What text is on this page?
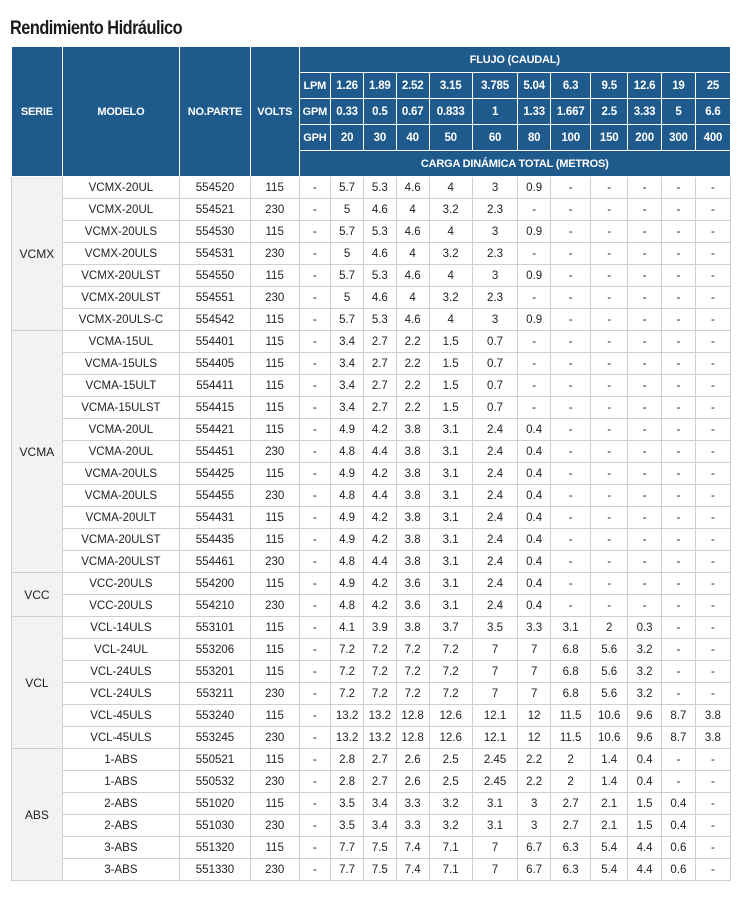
Rendimiento Hidráulico
SERIE	MODELO	NO.PARTE	VOLTS	FLUJO (CAUDAL)											
				LPM	1.26	1.89	2.52	3.15	3.785	5.04	6.3	9.5	12.6	19	25
				GPM	0.33	0.5	0.67	0.833	1	1.33	1.667	2.5	3.33	5	6.6
				GPH	20	30	40	50	60	80	100	150	200	300	400
				CARGA DINÁMICA TOTAL (METROS)											
VCMX	VCMX-20UL	554520	115	-	5.7	5.3	4.6	4	3	0.9	-	-	-	-	-
	VCMX-20UL	554521	230	-	5	4.6	4	3.2	2.3	-	-	-	-	-	-
	VCMX-20ULS	554530	115	-	5.7	5.3	4.6	4	3	0.9	-	-	-	-	-
	VCMX-20ULS	554531	230	-	5	4.6	4	3.2	2.3	-	-	-	-	-	-
	VCMX-20ULST	554550	115	-	5.7	5.3	4.6	4	3	0.9	-	-	-	-	-
	VCMX-20ULST	554551	230	-	5	4.6	4	3.2	2.3	-	-	-	-	-	-
	VCMX-20ULS-C	554542	115	-	5.7	5.3	4.6	4	3	0.9	-	-	-	-	-
VCMA	VCMA-15UL	554401	115	-	3.4	2.7	2.2	1.5	0.7	-	-	-	-	-	-
	VCMA-15ULS	554405	115	-	3.4	2.7	2.2	1.5	0.7	-	-	-	-	-	-
	VCMA-15ULT	554411	115	-	3.4	2.7	2.2	1.5	0.7	-	-	-	-	-	-
	VCMA-15ULST	554415	115	-	3.4	2.7	2.2	1.5	0.7	-	-	-	-	-	-
	VCMA-20UL	554421	115	-	4.9	4.2	3.8	3.1	2.4	0.4	-	-	-	-	-
	VCMA-20UL	554451	230	-	4.8	4.4	3.8	3.1	2.4	0.4	-	-	-	-	-
	VCMA-20ULS	554425	115	-	4.9	4.2	3.8	3.1	2.4	0.4	-	-	-	-	-
	VCMA-20ULS	554455	230	-	4.8	4.4	3.8	3.1	2.4	0.4	-	-	-	-	-
	VCMA-20ULT	554431	115	-	4.9	4.2	3.8	3.1	2.4	0.4	-	-	-	-	-
	VCMA-20ULST	554435	115	-	4.9	4.2	3.8	3.1	2.4	0.4	-	-	-	-	-
	VCMA-20ULST	554461	230	-	4.8	4.4	3.8	3.1	2.4	0.4	-	-	-	-	-
VCC	VCC-20ULS	554200	115	-	4.9	4.2	3.6	3.1	2.4	0.4	-	-	-	-	-
	VCC-20ULS	554210	230	-	4.8	4.2	3.6	3.1	2.4	0.4	-	-	-	-	-
VCL	VCL-14ULS	553101	115	-	4.1	3.9	3.8	3.7	3.5	3.3	3.1	2	0.3	-	-
	VCL-24UL	553206	115	-	7.2	7.2	7.2	7.2	7	7	6.8	5.6	3.2	-	-
	VCL-24ULS	553201	115	-	7.2	7.2	7.2	7.2	7	7	6.8	5.6	3.2	-	-
	VCL-24ULS	553211	230	-	7.2	7.2	7.2	7.2	7	7	6.8	5.6	3.2	-	-
	VCL-45ULS	553240	115	-	13.2	13.2	12.8	12.6	12.1	12	11.5	10.6	9.6	8.7	3.8
	VCL-45ULS	553245	230	-	13.2	13.2	12.8	12.6	12.1	12	11.5	10.6	9.6	8.7	3.8
ABS	1-ABS	550521	115	-	2.8	2.7	2.6	2.5	2.45	2.2	2	1.4	0.4	-	-
	1-ABS	550532	230	-	2.8	2.7	2.6	2.5	2.45	2.2	2	1.4	0.4	-	-
	2-ABS	551020	115	-	3.5	3.4	3.3	3.2	3.1	3	2.7	2.1	1.5	0.4	-
	2-ABS	551030	230	-	3.5	3.4	3.3	3.2	3.1	3	2.7	2.1	1.5	0.4	-
	3-ABS	551320	115	-	7.7	7.5	7.4	7.1	7	6.7	6.3	5.4	4.4	0.6	-
	3-ABS	551330	230	-	7.7	7.5	7.4	7.1	7	6.7	6.3	5.4	4.4	0.6	-
